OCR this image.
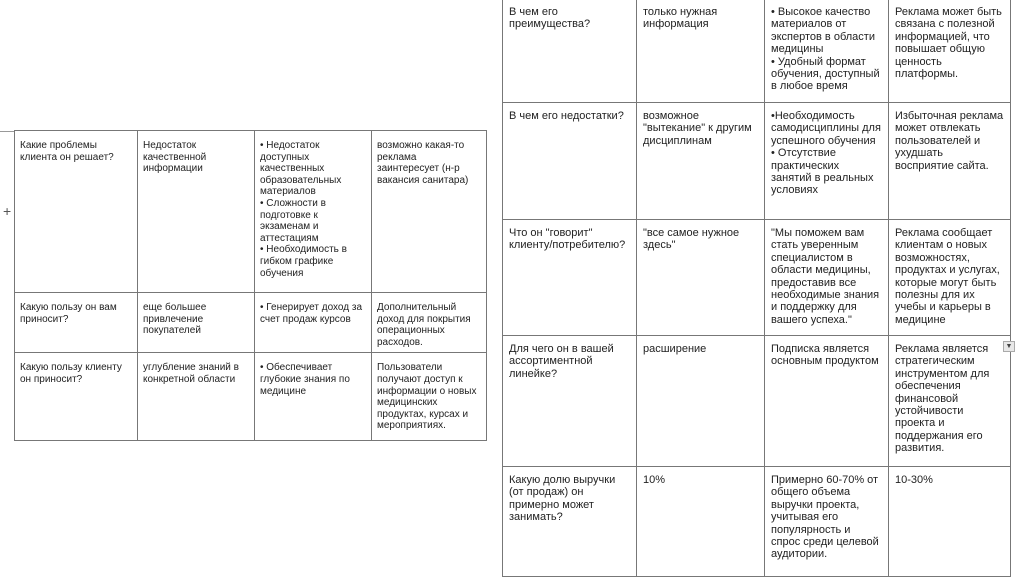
+
Какие проблемы клиента он решает?	Недостаток качественной информации	• Недостаток доступных качественных образовательных материалов
• Сложности в подготовке к экзаменам и аттестациям
• Необходимость в гибком графике обучения	возможно какая-то реклама заинтересует (н-р вакансия санитара)
Какую пользу он вам приносит?	еще большее привлечение покупателей	• Генерирует доход за счет продаж курсов	Дополнительный доход для покрытия операционных расходов.
Какую пользу клиенту он приносит?	углубление знаний в конкретной области	• Обеспечивает глубокие знания по медицине	Пользователи получают доступ к информации о новых медицинских продуктах, курсах и мероприятиях.
В чем его преимущества?	только нужная информация	• Высокое качество материалов от экспертов в области медицины
• Удобный формат обучения, доступный в любое время	Реклама может быть связана с полезной информацией, что повышает общую ценность платформы.
В чем его недостатки?	возможное "вытекание" к другим дисциплинам	•Необходимость самодисциплины для успешного обучения
• Отсутствие практических занятий в реальных условиях	Избыточная реклама может отвлекать пользователей и ухудшать восприятие сайта.
Что он "говорит" клиенту/потребителю?	"все самое нужное здесь"	"Мы поможем вам стать уверенным специалистом в области медицины, предоставив все необходимые знания и поддержку для вашего успеха."	Реклама сообщает клиентам о новых возможностях, продуктах и услугах, которые могут быть полезны для их учебы и карьеры в медицине
Для чего он в вашей ассортиментной линейке?	расширение	Подписка является основным продуктом	Реклама является стратегическим инструментом для обеспечения финансовой устойчивости проекта и поддержания его развития.
Какую долю выручки (от продаж) он примерно может занимать?	10%	Примерно 60-70% от общего объема выручки проекта, учитывая его популярность и спрос среди целевой аудитории.	10-30%
▼
